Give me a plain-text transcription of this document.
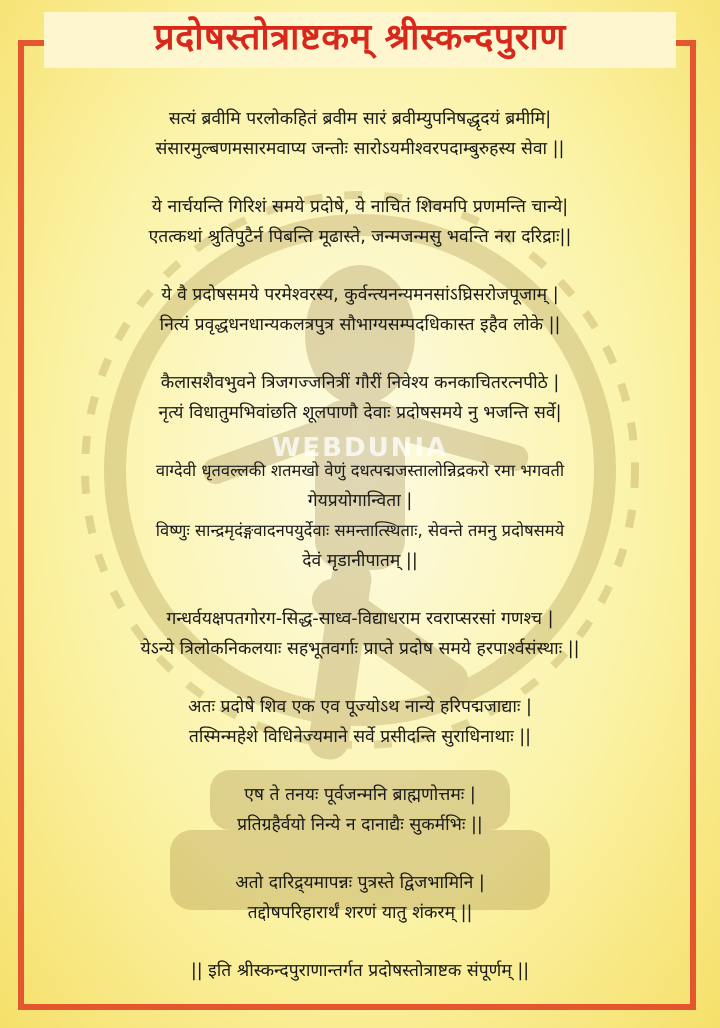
प्रदोषस्तोत्राष्टकम् श्रीस्कन्दपुराण
WEBDUNIA
सत्यं ब्रवीमि परलोकहितं ब्रवीम सारं ब्रवीम्युपनिषद्धृदयं ब्रमीमि|
संसारमुल्बणमसारमवाप्य जन्तोः सारोऽयमीश्वरपदाम्बुरुहस्य सेवा ||
ये नार्चयन्ति गिरिशं समये प्रदोषे, ये नाचितं शिवमपि प्रणमन्ति चान्ये|
एतत्कथां श्रुतिपुटैर्न पिबन्ति मूढास्ते, जन्मजन्मसु भवन्ति नरा दरिद्राः||
ये वै प्रदोषसमये परमेश्वरस्य, कुर्वन्त्यनन्यमनसांऽघ्रिसरोजपूजाम् |
नित्यं प्रवृद्धधनधान्यकलत्रपुत्र सौभाग्यसम्पदधिकास्त इहैव लोके ||
कैलासशैवभुवने त्रिजगज्जनित्रीं गौरीं निवेश्य कनकाचितरत्नपीठे |
नृत्यं विधातुमभिवांछति शूलपाणौ देवाः प्रदोषसमये नु भजन्ति सर्वे|
वाग्देवी धृतवल्लकी शतमखो वेणुं दधत्पद्मजस्तालोन्निद्रकरो रमा भगवती
गेयप्रयोगान्विता |
विष्णुः सान्द्रमृदंङ्गवादनपयुर्देवाः समन्तात्स्थिताः, सेवन्ते तमनु प्रदोषसमये
देवं मृडानीपातम् ||
गन्धर्वयक्षपतगोरग-सिद्ध-साध्व-विद्याधराम रवराप्सरसां गणश्च |
येऽन्ये त्रिलोकनिकलयाः सहभूतवर्गाः प्राप्ते प्रदोष समये हरपार्श्वसंस्थाः ||
अतः प्रदोषे शिव एक एव पूज्योऽथ नान्ये हरिपद्मजाद्याः |
तस्मिन्महेशे विधिनेज्यमाने सर्वे प्रसीदन्ति सुराधिनाथाः ||
एष ते तनयः पूर्वजन्मनि ब्राह्मणोत्तमः |
प्रतिग्रहैर्वयो निन्ये न दानाद्यैः सुकर्मभिः ||
अतो दारिद्र्यमापन्नः पुत्रस्ते द्विजभामिनि |
तद्दोषपरिहारार्थं शरणं यातु शंकरम् ||
|| इति श्रीस्कन्दपुराणान्तर्गत प्रदोषस्तोत्राष्टक संपूर्णम् ||
